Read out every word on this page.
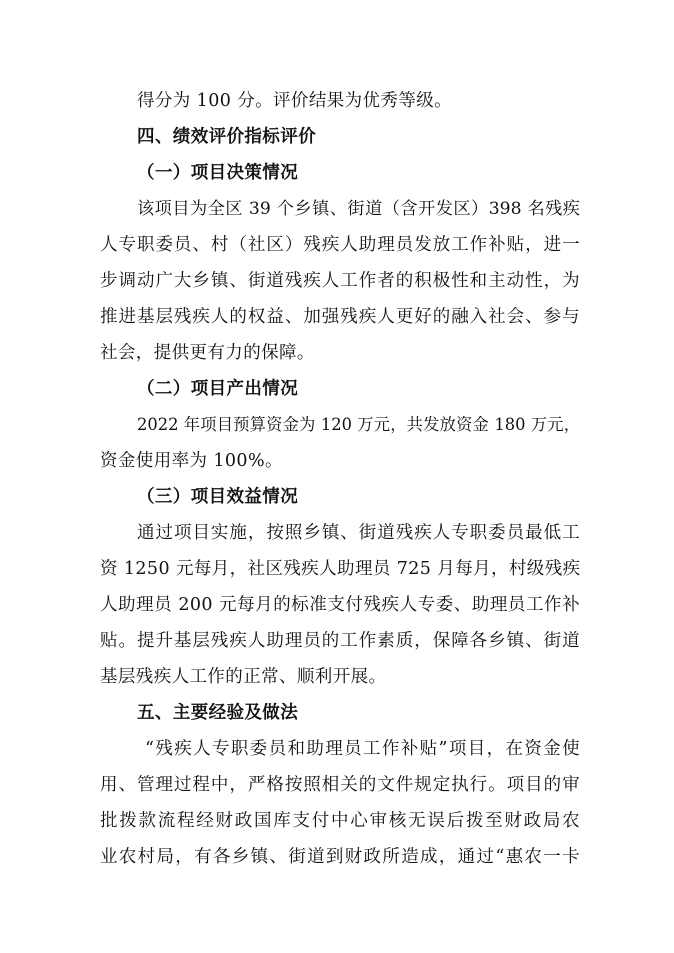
得分为 100 分。评价结果为优秀等级。
四、绩效评价指标评价
（一）项目决策情况
该项目为全区 39 个乡镇、街道（含开发区）398 名残疾
人专职委员、村（社区）残疾人助理员发放工作补贴，进一
步调动广大乡镇、街道残疾人工作者的积极性和主动性，为
推进基层残疾人的权益、加强残疾人更好的融入社会、参与
社会，提供更有力的保障。
（二）项目产出情况
2022 年项目预算资金为 120 万元，共发放资金 180 万元，
资金使用率为 100%。
（三）项目效益情况
通过项目实施，按照乡镇、街道残疾人专职委员最低工
资 1250 元每月，社区残疾人助理员 725 月每月，村级残疾
人助理员 200 元每月的标准支付残疾人专委、助理员工作补
贴。提升基层残疾人助理员的工作素质，保障各乡镇、街道
基层残疾人工作的正常、顺利开展。
五、主要经验及做法
“残疾人专职委员和助理员工作补贴”项目，在资金使
用、管理过程中，严格按照相关的文件规定执行。项目的审
批拨款流程经财政国库支付中心审核无误后拨至财政局农
业农村局，有各乡镇、街道到财政所造成，通过“惠农一卡
